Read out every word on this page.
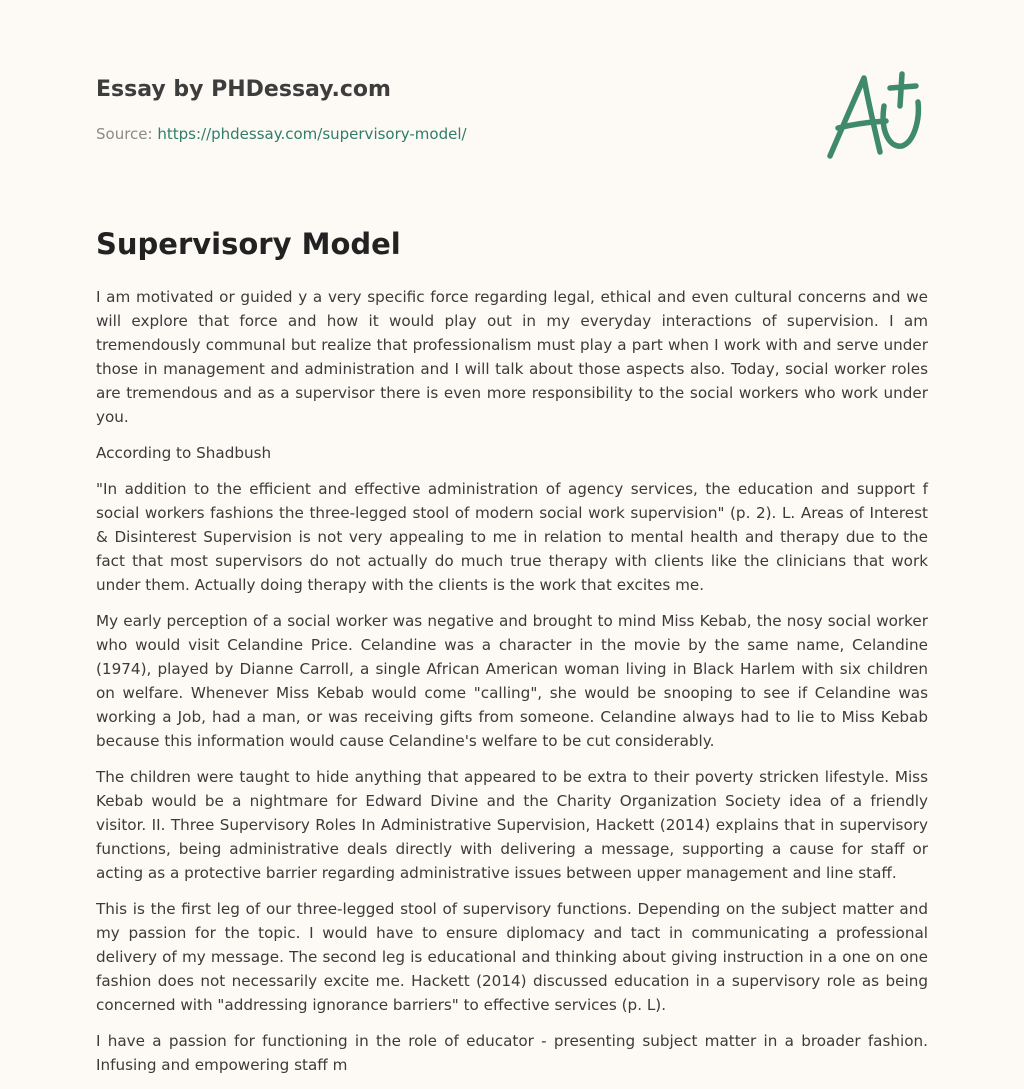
Essay by PHDessay.com
Source: https://phdessay.com/supervisory-model/
Supervisory Model

I am motivated or guided y a very specific force regarding legal, ethical and even cultural concerns and we will explore that force and how it would play out in my everyday interactions of supervision. I am tremendously communal but realize that professionalism must play a part when I work with and serve under those in management and administration and I will talk about those aspects also. Today, social worker roles are tremendous and as a supervisor there is even more responsibility to the social workers who work under you.

According to Shadbush

"In addition to the efficient and effective administration of agency services, the education and support f social workers fashions the three-legged stool of modern social work supervision" (p. 2). L. Areas of Interest & Disinterest Supervision is not very appealing to me in relation to mental health and therapy due to the fact that most supervisors do not actually do much true therapy with clients like the clinicians that work under them. Actually doing therapy with the clients is the work that excites me.

My early perception of a social worker was negative and brought to mind Miss Kebab, the nosy social worker who would visit Celandine Price. Celandine was a character in the movie by the same name, Celandine (1974), played by Dianne Carroll, a single African American woman living in Black Harlem with six children on welfare. Whenever Miss Kebab would come "calling", she would be snooping to see if Celandine was working a Job, had a man, or was receiving gifts from someone. Celandine always had to lie to Miss Kebab because this information would cause Celandine's welfare to be cut considerably.

The children were taught to hide anything that appeared to be extra to their poverty stricken lifestyle. Miss Kebab would be a nightmare for Edward Divine and the Charity Organization Society idea of a friendly visitor. II. Three Supervisory Roles In Administrative Supervision, Hackett (2014) explains that in supervisory functions, being administrative deals directly with delivering a message, supporting a cause for staff or acting as a protective barrier regarding administrative issues between upper management and line staff.

This is the first leg of our three-legged stool of supervisory functions. Depending on the subject matter and my passion for the topic. I would have to ensure diplomacy and tact in communicating a professional delivery of my message. The second leg is educational and thinking about giving instruction in a one on one fashion does not necessarily excite me. Hackett (2014) discussed education in a supervisory role as being concerned with "addressing ignorance barriers" to effective services (p. L).

I have a passion for functioning in the role of educator - presenting subject matter in a broader fashion. Infusing and empowering staff m
